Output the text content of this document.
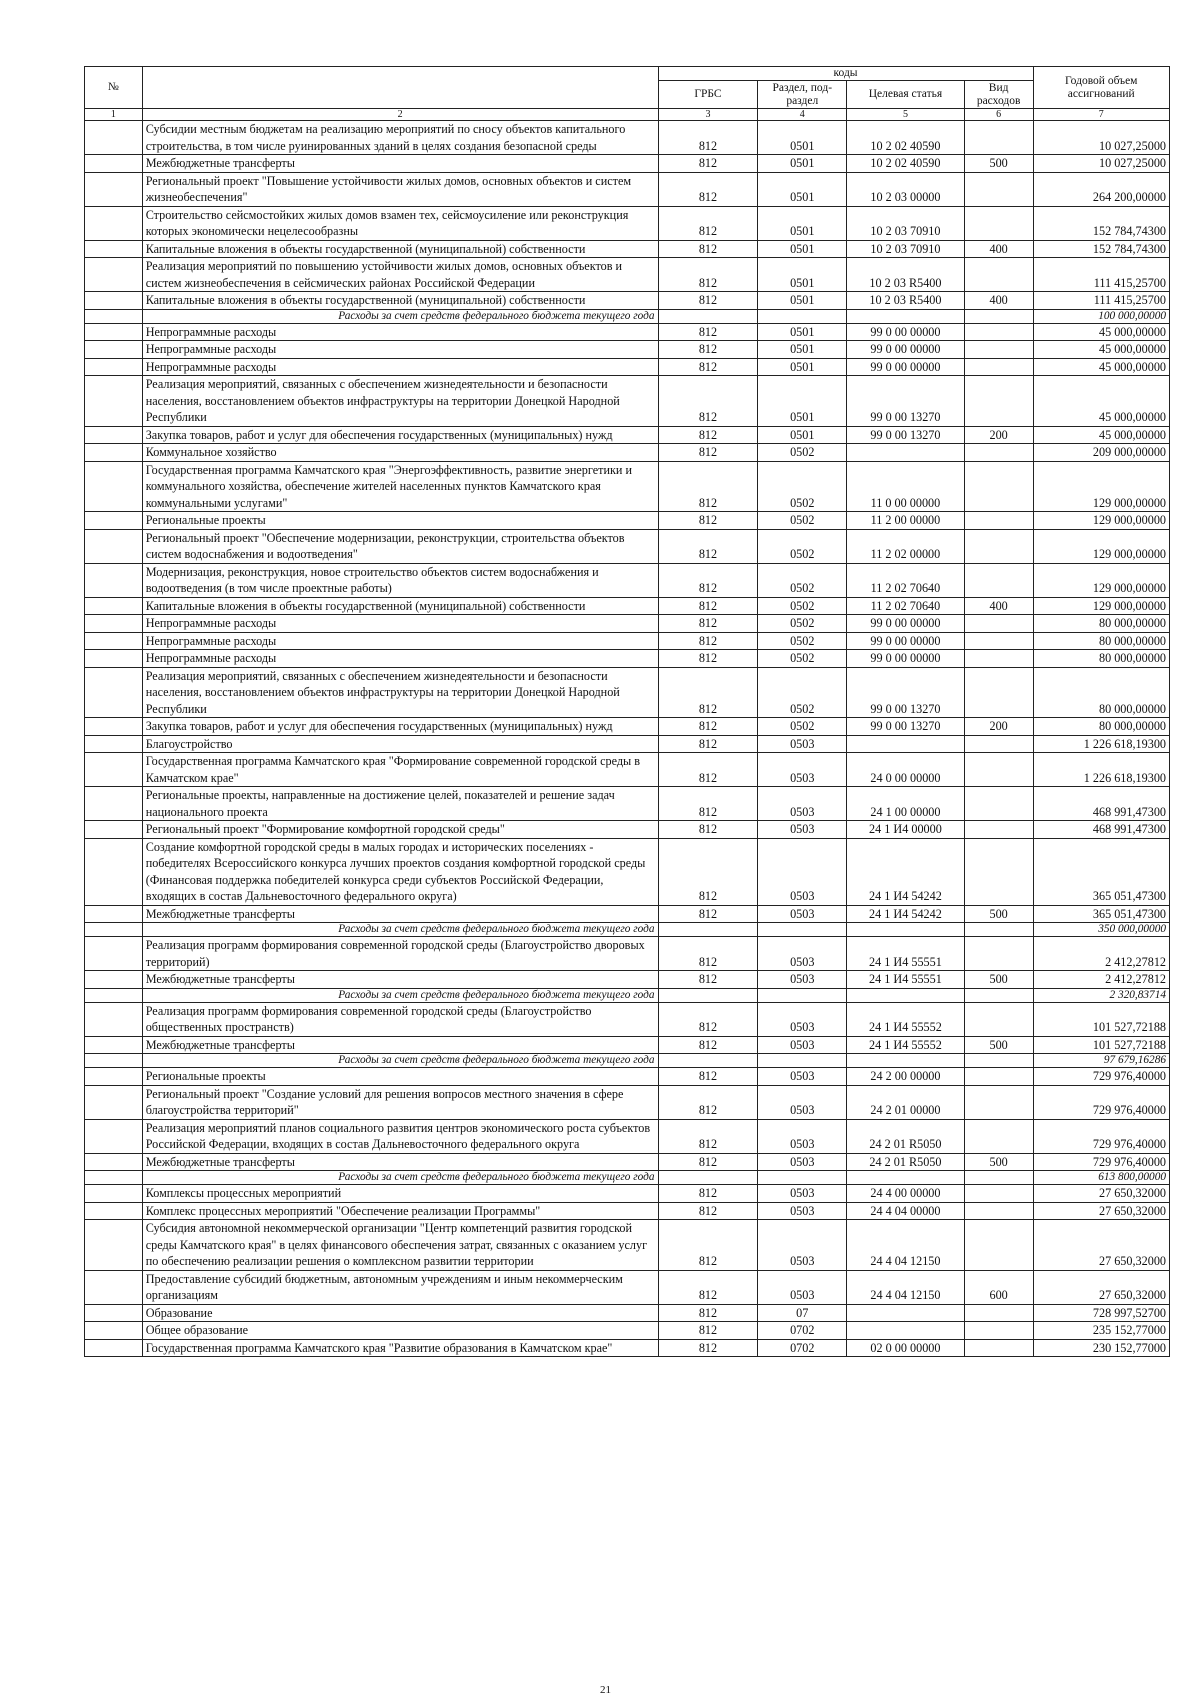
№		коды				Годовой объем ассигнований
		ГРБС	Раздел, под-раздел	Целевая статья	Вид расходов	
1	2	3	4	5	6	7
	Субсидии местным бюджетам на реализацию мероприятий по сносу объектов капитального строительства, в том числе руинированных зданий в целях создания безопасной среды	812	0501	10 2 02 40590		10 027,25000
	Межбюджетные трансферты	812	0501	10 2 02 40590	500	10 027,25000
	Региональный проект "Повышение устойчивости жилых домов, основных объектов и систем жизнеобеспечения"	812	0501	10 2 03 00000		264 200,00000
	Строительство сейсмостойких жилых домов взамен тех, сейсмоусиление или реконструкция которых экономически нецелесообразны	812	0501	10 2 03 70910		152 784,74300
	Капитальные вложения в объекты государственной (муниципальной) собственности	812	0501	10 2 03 70910	400	152 784,74300
	Реализация мероприятий по повышению устойчивости жилых домов, основных объектов и систем жизнеобеспечения в сейсмических районах Российской Федерации	812	0501	10 2 03 R5400		111 415,25700
	Капитальные вложения в объекты государственной (муниципальной) собственности	812	0501	10 2 03 R5400	400	111 415,25700
	Расходы за счет средств федерального бюджета текущего года					100 000,00000
	Непрограммные расходы	812	0501	99 0 00 00000		45 000,00000
	Непрограммные расходы	812	0501	99 0 00 00000		45 000,00000
	Непрограммные расходы	812	0501	99 0 00 00000		45 000,00000
	Реализация мероприятий, связанных с обеспечением жизнедеятельности и безопасности населения, восстановлением объектов инфраструктуры на территории Донецкой Народной Республики	812	0501	99 0 00 13270		45 000,00000
	Закупка товаров, работ и услуг для обеспечения государственных (муниципальных) нужд	812	0501	99 0 00 13270	200	45 000,00000
	Коммунальное хозяйство	812	0502			209 000,00000
	Государственная программа Камчатского края "Энергоэффективность, развитие энергетики и коммунального хозяйства, обеспечение жителей населенных пунктов Камчатского края коммунальными услугами"	812	0502	11 0 00 00000		129 000,00000
	Региональные проекты	812	0502	11 2 00 00000		129 000,00000
	Региональный проект "Обеспечение модернизации, реконструкции, строительства объектов систем водоснабжения и водоотведения"	812	0502	11 2 02 00000		129 000,00000
	Модернизация, реконструкция, новое строительство объектов систем водоснабжения и водоотведения (в том числе проектные работы)	812	0502	11 2 02 70640		129 000,00000
	Капитальные вложения в объекты государственной (муниципальной) собственности	812	0502	11 2 02 70640	400	129 000,00000
	Непрограммные расходы	812	0502	99 0 00 00000		80 000,00000
	Непрограммные расходы	812	0502	99 0 00 00000		80 000,00000
	Непрограммные расходы	812	0502	99 0 00 00000		80 000,00000
	Реализация мероприятий, связанных с обеспечением жизнедеятельности и безопасности населения, восстановлением объектов инфраструктуры на территории Донецкой Народной Республики	812	0502	99 0 00 13270		80 000,00000
	Закупка товаров, работ и услуг для обеспечения государственных (муниципальных) нужд	812	0502	99 0 00 13270	200	80 000,00000
	Благоустройство	812	0503			1 226 618,19300
	Государственная программа Камчатского края "Формирование современной городской среды в Камчатском крае"	812	0503	24 0 00 00000		1 226 618,19300
	Региональные проекты, направленные на достижение целей, показателей и решение задач национального проекта	812	0503	24 1 00 00000		468 991,47300
	Региональный проект "Формирование комфортной городской среды"	812	0503	24 1 И4 00000		468 991,47300
	Создание комфортной городской среды в малых городах и исторических поселениях - победителях Всероссийского конкурса лучших проектов создания комфортной городской среды (Финансовая поддержка победителей конкурса среди субъектов Российской Федерации, входящих в состав Дальневосточного федерального округа)	812	0503	24 1 И4 54242		365 051,47300
	Межбюджетные трансферты	812	0503	24 1 И4 54242	500	365 051,47300
	Расходы за счет средств федерального бюджета текущего года					350 000,00000
	Реализация программ формирования современной городской среды (Благоустройство дворовых территорий)	812	0503	24 1 И4 55551		2 412,27812
	Межбюджетные трансферты	812	0503	24 1 И4 55551	500	2 412,27812
	Расходы за счет средств федерального бюджета текущего года					2 320,83714
	Реализация программ формирования современной городской среды (Благоустройство общественных пространств)	812	0503	24 1 И4 55552		101 527,72188
	Межбюджетные трансферты	812	0503	24 1 И4 55552	500	101 527,72188
	Расходы за счет средств федерального бюджета текущего года					97 679,16286
	Региональные проекты	812	0503	24 2 00 00000		729 976,40000
	Региональный проект "Создание условий для решения вопросов местного значения в сфере благоустройства территорий"	812	0503	24 2 01 00000		729 976,40000
	Реализация мероприятий планов социального развития центров экономического роста субъектов Российской Федерации, входящих в состав Дальневосточного федерального округа	812	0503	24 2 01 R5050		729 976,40000
	Межбюджетные трансферты	812	0503	24 2 01 R5050	500	729 976,40000
	Расходы за счет средств федерального бюджета текущего года					613 800,00000
	Комплексы процессных мероприятий	812	0503	24 4 00 00000		27 650,32000
	Комплекс процессных мероприятий "Обеспечение реализации Программы"	812	0503	24 4 04 00000		27 650,32000
	Субсидия автономной некоммерческой организации "Центр компетенций развития городской среды Камчатского края" в целях финансового обеспечения затрат, связанных с оказанием услуг по обеспечению реализации решения о комплексном развитии территории	812	0503	24 4 04 12150		27 650,32000
	Предоставление субсидий бюджетным, автономным учреждениям и иным некоммерческим организациям	812	0503	24 4 04 12150	600	27 650,32000
	Образование	812	07			728 997,52700
	Общее образование	812	0702			235 152,77000
	Государственная программа Камчатского края "Развитие образования в Камчатском крае"	812	0702	02 0 00 00000		230 152,77000
21
